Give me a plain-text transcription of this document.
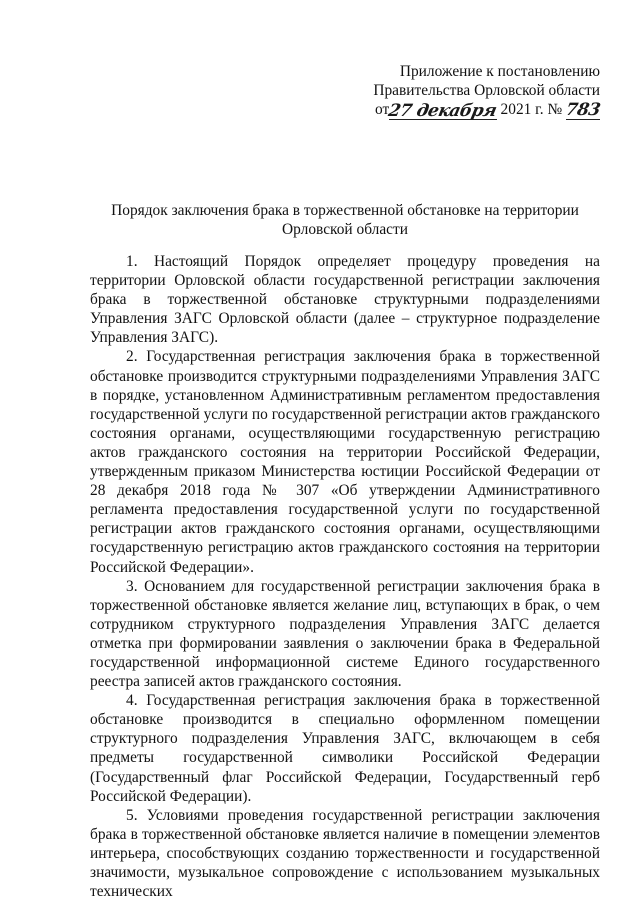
Приложение к постановлению
Правительства Орловской области
от27 декабря 2021 г. № 783
Порядок заключения брака в торжественной обстановке на территории
Орловской области

1. Настоящий Порядок определяет процедуру проведения на территории Орловской области государственной регистрации заключения брака в торжественной обстановке структурными подразделениями Управления ЗАГС Орловской области (далее – структурное подразделение Управления ЗАГС).

2. Государственная регистрация заключения брака в торжественной обстановке производится структурными подразделениями Управления ЗАГС в порядке, установленном Административным регламентом предоставления государственной услуги по государственной регистрации актов гражданского состояния органами, осуществляющими государственную регистрацию актов гражданского состояния на территории Российской Федерации, утвержденным приказом Министерства юстиции Российской Федерации от 28 декабря 2018 года № 307 «Об утверждении Административного регламента предоставления государственной услуги по государственной регистрации актов гражданского состояния органами, осуществляющими государственную регистрацию актов гражданского состояния на территории Российской Федерации».

3. Основанием для государственной регистрации заключения брака в торжественной обстановке является желание лиц, вступающих в брак, о чем сотрудником структурного подразделения Управления ЗАГС делается отметка при формировании заявления о заключении брака в Федеральной государственной информационной системе Единого государственного реестра записей актов гражданского состояния.

4. Государственная регистрация заключения брака в торжественной обстановке производится в специально оформленном помещении структурного подразделения Управления ЗАГС, включающем в себя предметы государственной символики Российской Федерации (Государственный флаг Российской Федерации, Государственный герб Российской Федерации).

5. Условиями проведения государственной регистрации заключения брака в торжественной обстановке является наличие в помещении элементов интерьера, способствующих созданию торжественности и государственной значимости, музыкальное сопровождение с использованием музыкальных технических
